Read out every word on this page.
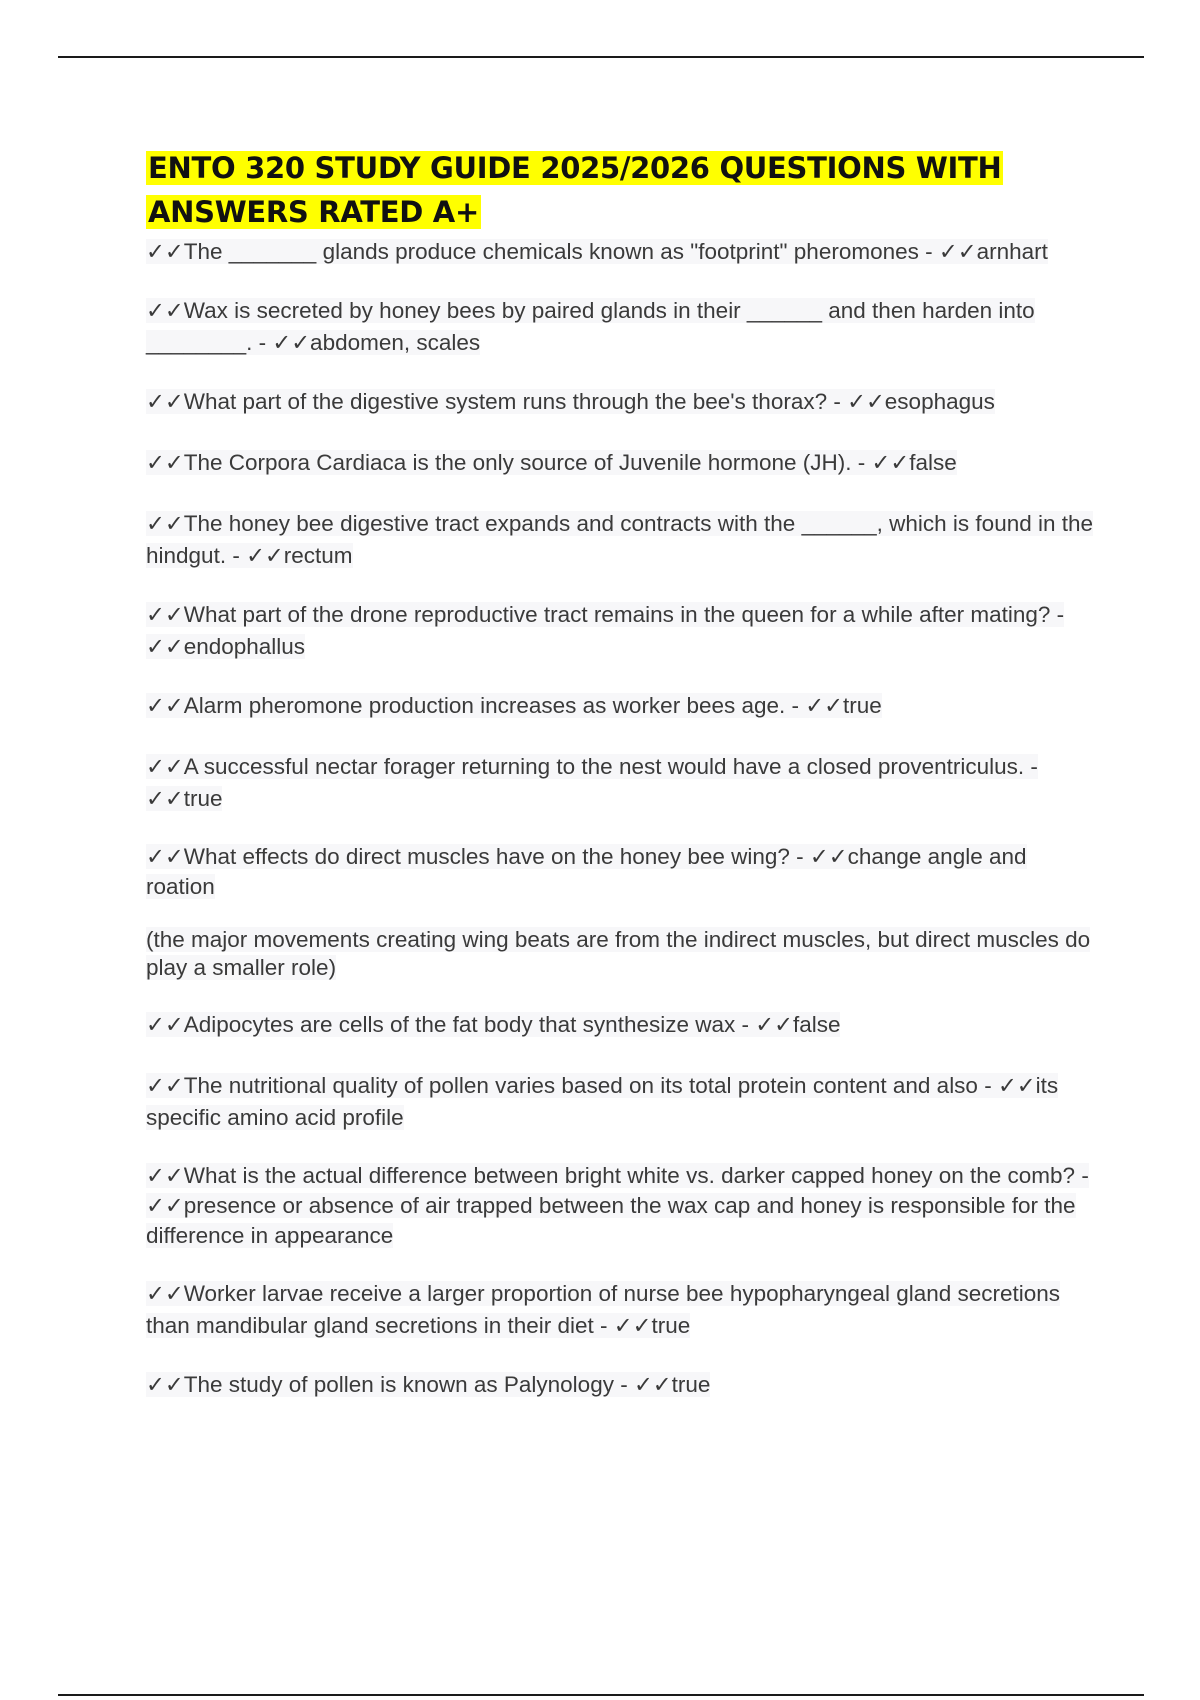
ENTO 320 STUDY GUIDE 2025/2026 QUESTIONS WITH ANSWERS RATED A+

✓✓The _______ glands produce chemicals known as "footprint" pheromones - ✓✓arnhart

✓✓Wax is secreted by honey bees by paired glands in their ______ and then harden into ________. - ✓✓abdomen, scales

✓✓What part of the digestive system runs through the bee's thorax? - ✓✓esophagus

✓✓The Corpora Cardiaca is the only source of Juvenile hormone (JH). - ✓✓false

✓✓The honey bee digestive tract expands and contracts with the ______, which is found in the hindgut. - ✓✓rectum

✓✓What part of the drone reproductive tract remains in the queen for a while after mating? - ✓✓endophallus

✓✓Alarm pheromone production increases as worker bees age. - ✓✓true

✓✓A successful nectar forager returning to the nest would have a closed proventriculus. - ✓✓true

✓✓What effects do direct muscles have on the honey bee wing? - ✓✓change angle and roation

(the major movements creating wing beats are from the indirect muscles, but direct muscles do play a smaller role)

✓✓Adipocytes are cells of the fat body that synthesize wax - ✓✓false

✓✓The nutritional quality of pollen varies based on its total protein content and also - ✓✓its specific amino acid profile

✓✓What is the actual difference between bright white vs. darker capped honey on the comb? - ✓✓presence or absence of air trapped between the wax cap and honey is responsible for the difference in appearance

✓✓Worker larvae receive a larger proportion of nurse bee hypopharyngeal gland secretions than mandibular gland secretions in their diet - ✓✓true

✓✓The study of pollen is known as Palynology - ✓✓true
